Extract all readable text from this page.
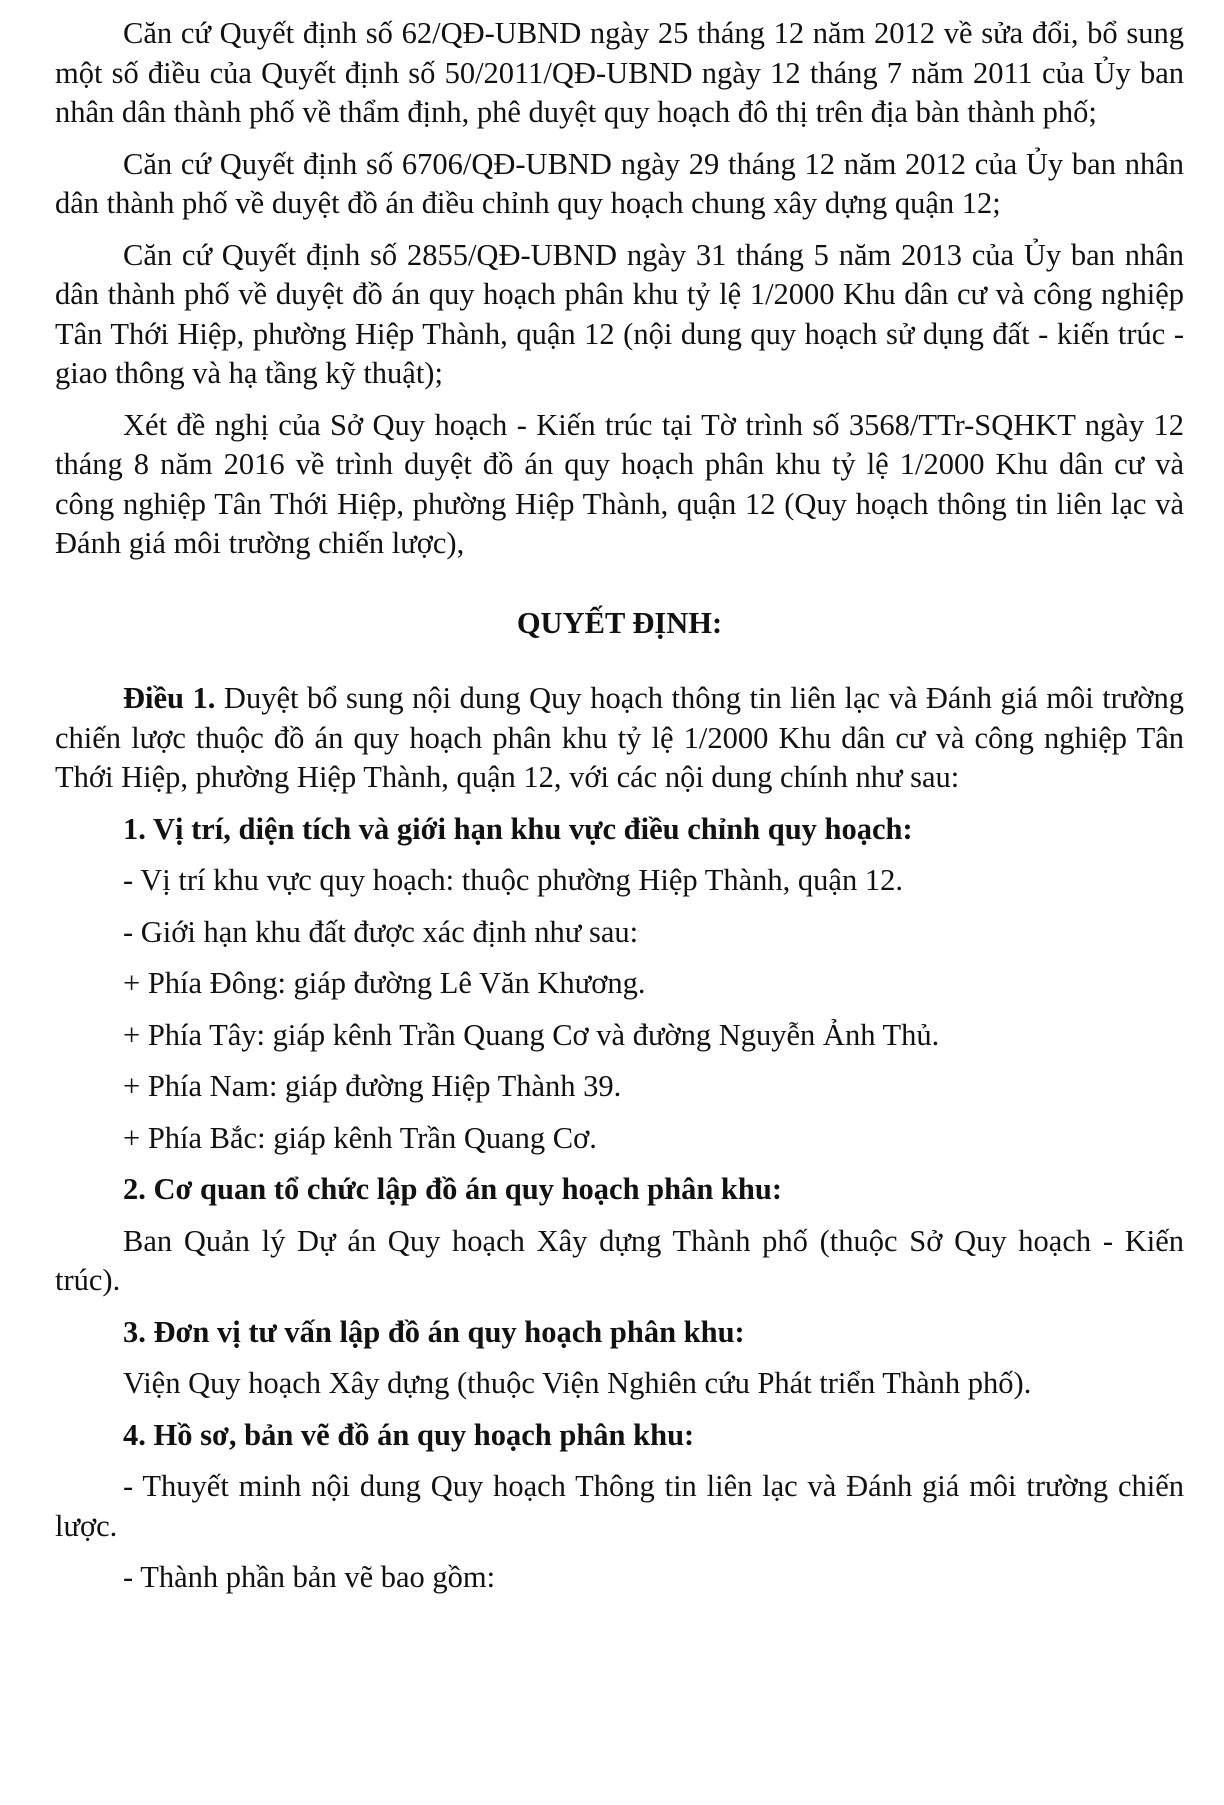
Căn cứ Quyết định số 62/QĐ-UBND ngày 25 tháng 12 năm 2012 về sửa đổi, bổ sung một số điều của Quyết định số 50/2011/QĐ-UBND ngày 12 tháng 7 năm 2011 của Ủy ban nhân dân thành phố về thẩm định, phê duyệt quy hoạch đô thị trên địa bàn thành phố;

Căn cứ Quyết định số 6706/QĐ-UBND ngày 29 tháng 12 năm 2012 của Ủy ban nhân dân thành phố về duyệt đồ án điều chỉnh quy hoạch chung xây dựng quận 12;

Căn cứ Quyết định số 2855/QĐ-UBND ngày 31 tháng 5 năm 2013 của Ủy ban nhân dân thành phố về duyệt đồ án quy hoạch phân khu tỷ lệ 1/2000 Khu dân cư và công nghiệp Tân Thới Hiệp, phường Hiệp Thành, quận 12 (nội dung quy hoạch sử dụng đất - kiến trúc - giao thông và hạ tầng kỹ thuật);

Xét đề nghị của Sở Quy hoạch - Kiến trúc tại Tờ trình số 3568/TTr-SQHKT ngày 12 tháng 8 năm 2016 về trình duyệt đồ án quy hoạch phân khu tỷ lệ 1/2000 Khu dân cư và công nghiệp Tân Thới Hiệp, phường Hiệp Thành, quận 12 (Quy hoạch thông tin liên lạc và Đánh giá môi trường chiến lược),

QUYẾT ĐỊNH:

Điều 1. Duyệt bổ sung nội dung Quy hoạch thông tin liên lạc và Đánh giá môi trường chiến lược thuộc đồ án quy hoạch phân khu tỷ lệ 1/2000 Khu dân cư và công nghiệp Tân Thới Hiệp, phường Hiệp Thành, quận 12, với các nội dung chính như sau:

1. Vị trí, diện tích và giới hạn khu vực điều chỉnh quy hoạch:

- Vị trí khu vực quy hoạch: thuộc phường Hiệp Thành, quận 12.

- Giới hạn khu đất được xác định như sau:

+ Phía Đông: giáp đường Lê Văn Khương.

+ Phía Tây: giáp kênh Trần Quang Cơ và đường Nguyễn Ảnh Thủ.

+ Phía Nam: giáp đường Hiệp Thành 39.

+ Phía Bắc: giáp kênh Trần Quang Cơ.

2. Cơ quan tổ chức lập đồ án quy hoạch phân khu:

Ban Quản lý Dự án Quy hoạch Xây dựng Thành phố (thuộc Sở Quy hoạch - Kiến trúc).

3. Đơn vị tư vấn lập đồ án quy hoạch phân khu:

Viện Quy hoạch Xây dựng (thuộc Viện Nghiên cứu Phát triển Thành phố).

4. Hồ sơ, bản vẽ đồ án quy hoạch phân khu:

- Thuyết minh nội dung Quy hoạch Thông tin liên lạc và Đánh giá môi trường chiến lược.

- Thành phần bản vẽ bao gồm:
